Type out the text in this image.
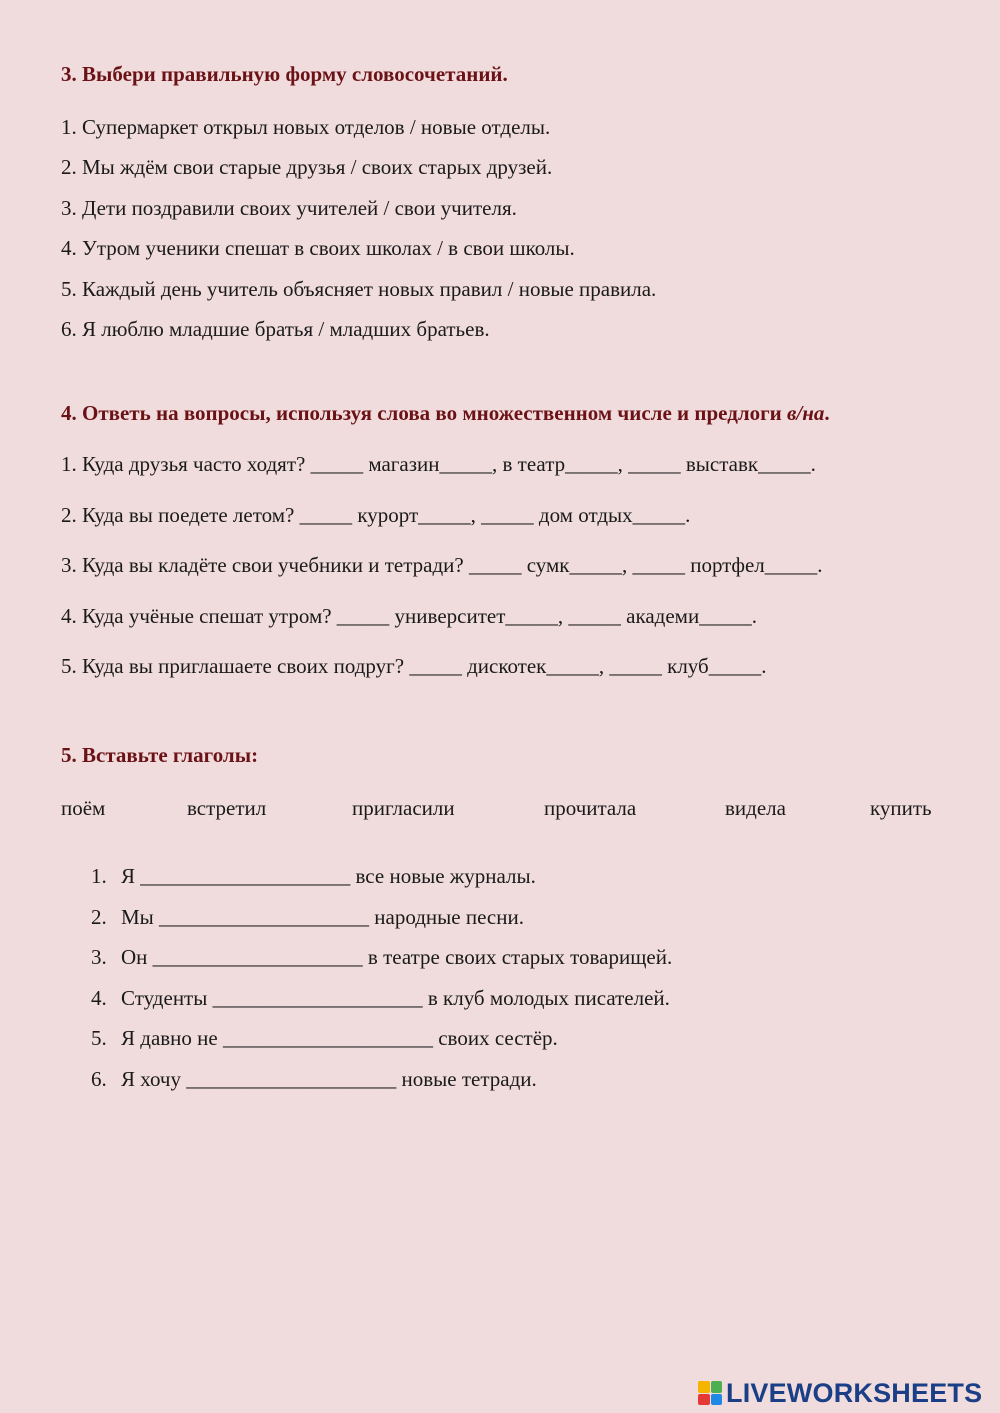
3. Выбери правильную форму словосочетаний.
1. Супермаркет открыл новых отделов / новые отделы.
2. Мы ждём свои старые друзья / своих старых друзей.
3. Дети поздравили своих учителей / свои учителя.
4. Утром ученики спешат в своих школах / в свои школы.
5. Каждый день учитель объясняет новых правил / новые правила.
6. Я люблю младшие братья / младших братьев.
4. Ответь на вопросы, используя слова во множественном числе и предлоги в/на.
1. Куда друзья часто ходят? _____ магазин_____, в театр_____, _____ выставк_____.
2. Куда вы поедете летом? _____ курорт_____, _____ дом отдых_____.
3. Куда вы кладёте свои учебники и тетради? _____ сумк_____, _____ портфел_____.
4. Куда учёные спешат утром? _____ университет_____, _____ академи_____.
5. Куда вы приглашаете своих подруг? _____ дискотек_____, _____ клуб_____.
5. Вставьте глаголы:
поём	встретил	пригласили	прочитала	видела	купить
1. Я ____________________ все новые журналы.
2. Мы ____________________ народные песни.
3. Он ____________________ в театре своих старых товарищей.
4. Студенты ____________________ в клуб молодых писателей.
5. Я давно не ____________________ своих сестёр.
6. Я хочу ____________________ новые тетради.
LIVEWORKSHEETS
